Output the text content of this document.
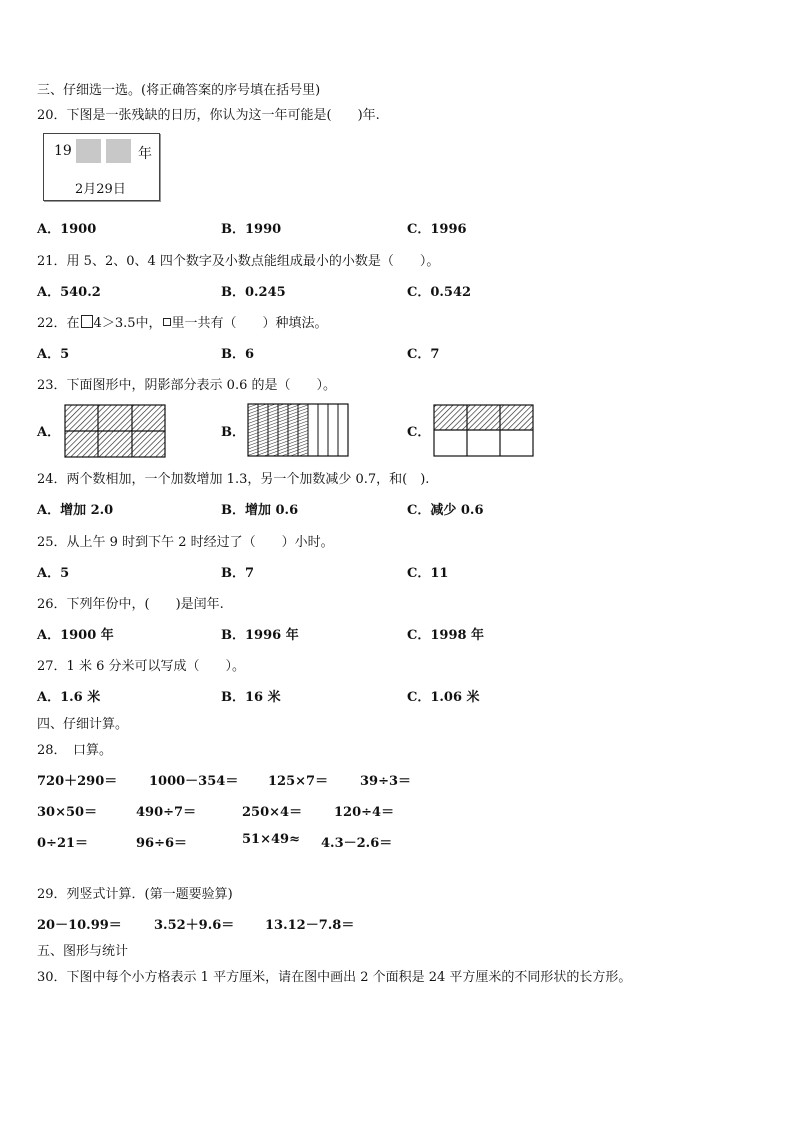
三、仔细选一选。(将正确答案的序号填在括号里)
20．下图是一张残缺的日历，你认为这一年可能是(　　)年.
19	年
2月29日
A．1900	B．1990	C．1996
21．用 5、2、0、4 四个数字及小数点能组成最小的小数是（　　）。
A．540.2	B．0.245	C．0.542
22．在 4＞3.5中， 里一共有（　　）种填法。
A．5	B．6	C．7
23．下面图形中，阴影部分表示 0.6 的是（　　）。
A．	B．	C．
24．两个数相加，一个加数增加 1.3，另一个加数减少 0.7，和(　).
A．增加 2.0	B．增加 0.6	C．减少 0.6
25．从上午 9 时到下午 2 时经过了（　　）小时。
A．5	B．7	C．11
26．下列年份中，(　　)是闰年.
A．1900 年	B．1996 年	C．1998 年
27．1 米 6 分米可以写成（　　）。
A．1.6 米	B．16 米	C．1.06 米
四、仔细计算。
28．　口算。
720＋290＝ 1000－354＝ 125×7＝ 39÷3＝
30×50＝	490÷7＝	250×4＝ 120÷4＝
0÷21＝	96÷6＝	51×49≈ 4.3－2.6＝
29．列竖式计算．(第一题要验算)
20－10.99＝ 3.52＋9.6＝ 13.12－7.8＝
五、图形与统计
30．下图中每个小方格表示 1 平方厘米，请在图中画出 2 个面积是 24 平方厘米的不同形状的长方形。
